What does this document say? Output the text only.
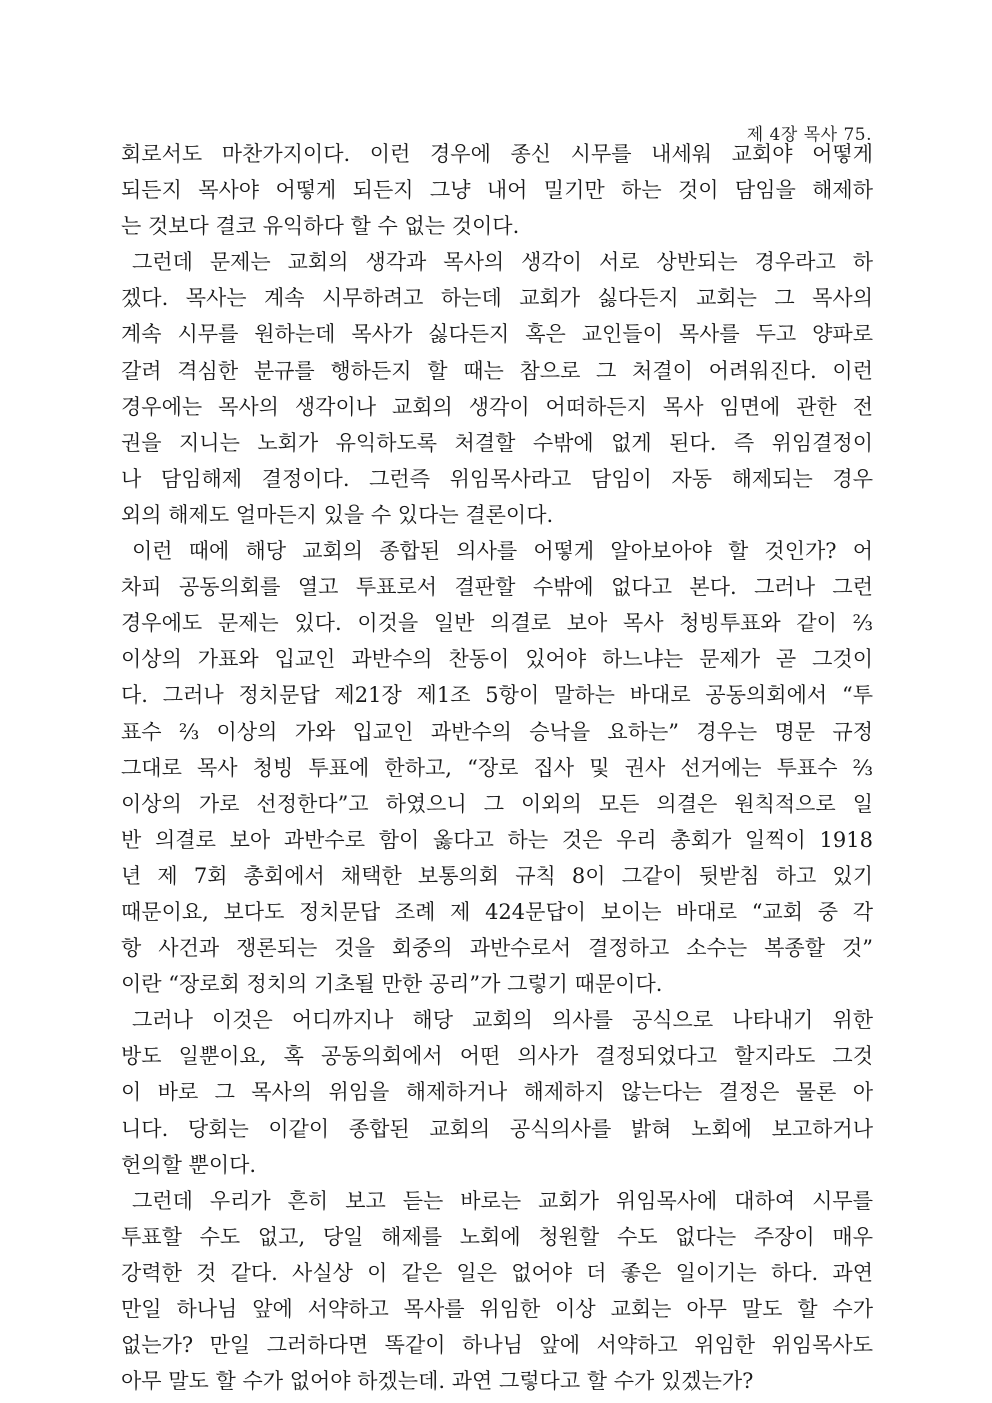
제 4장 목사 75.
회로서도 마찬가지이다. 이런 경우에 종신 시무를 내세워 교회야 어떻게
되든지 목사야 어떻게 되든지 그냥 내어 밀기만 하는 것이 담임을 해제하
는 것보다 결코 유익하다 할 수 없는 것이다.
그런데 문제는 교회의 생각과 목사의 생각이 서로 상반되는 경우라고 하
겠다. 목사는 계속 시무하려고 하는데 교회가 싫다든지 교회는 그 목사의
계속 시무를 원하는데 목사가 싫다든지 혹은 교인들이 목사를 두고 양파로
갈려 격심한 분규를 행하든지 할 때는 참으로 그 처결이 어려워진다. 이런
경우에는 목사의 생각이나 교회의 생각이 어떠하든지 목사 임면에 관한 전
권을 지니는 노회가 유익하도록 처결할 수밖에 없게 된다. 즉 위임결정이
나 담임해제 결정이다. 그런즉 위임목사라고 담임이 자동 해제되는 경우
외의 해제도 얼마든지 있을 수 있다는 결론이다.
이런 때에 해당 교회의 종합된 의사를 어떻게 알아보아야 할 것인가? 어
차피 공동의회를 열고 투표로서 결판할 수밖에 없다고 본다. 그러나 그런
경우에도 문제는 있다. 이것을 일반 의결로 보아 목사 청빙투표와 같이 ⅔
이상의 가표와 입교인 과반수의 찬동이 있어야 하느냐는 문제가 곧 그것이
다. 그러나 정치문답 제21장 제1조 5항이 말하는 바대로 공동의회에서 “투
표수 ⅔ 이상의 가와 입교인 과반수의 승낙을 요하는” 경우는 명문 규정
그대로 목사 청빙 투표에 한하고, “장로 집사 및 권사 선거에는 투표수 ⅔
이상의 가로 선정한다”고 하였으니 그 이외의 모든 의결은 원칙적으로 일
반 의결로 보아 과반수로 함이 옳다고 하는 것은 우리 총회가 일찍이 1918
년 제 7회 총회에서 채택한 보통의회 규칙 8이 그같이 뒷받침 하고 있기
때문이요, 보다도 정치문답 조례 제 424문답이 보이는 바대로 “교회 중 각
항 사건과 쟁론되는 것을 회중의 과반수로서 결정하고 소수는 복종할 것”
이란 “장로회 정치의 기초될 만한 공리”가 그렇기 때문이다.
그러나 이것은 어디까지나 해당 교회의 의사를 공식으로 나타내기 위한
방도 일뿐이요, 혹 공동의회에서 어떤 의사가 결정되었다고 할지라도 그것
이 바로 그 목사의 위임을 해제하거나 해제하지 않는다는 결정은 물론 아
니다. 당회는 이같이 종합된 교회의 공식의사를 밝혀 노회에 보고하거나
헌의할 뿐이다.
그런데 우리가 흔히 보고 듣는 바로는 교회가 위임목사에 대하여 시무를
투표할 수도 없고, 당일 해제를 노회에 청원할 수도 없다는 주장이 매우
강력한 것 같다. 사실상 이 같은 일은 없어야 더 좋은 일이기는 하다. 과연
만일 하나님 앞에 서약하고 목사를 위임한 이상 교회는 아무 말도 할 수가
없는가? 만일 그러하다면 똑같이 하나님 앞에 서약하고 위임한 위임목사도
아무 말도 할 수가 없어야 하겠는데. 과연 그렇다고 할 수가 있겠는가?
